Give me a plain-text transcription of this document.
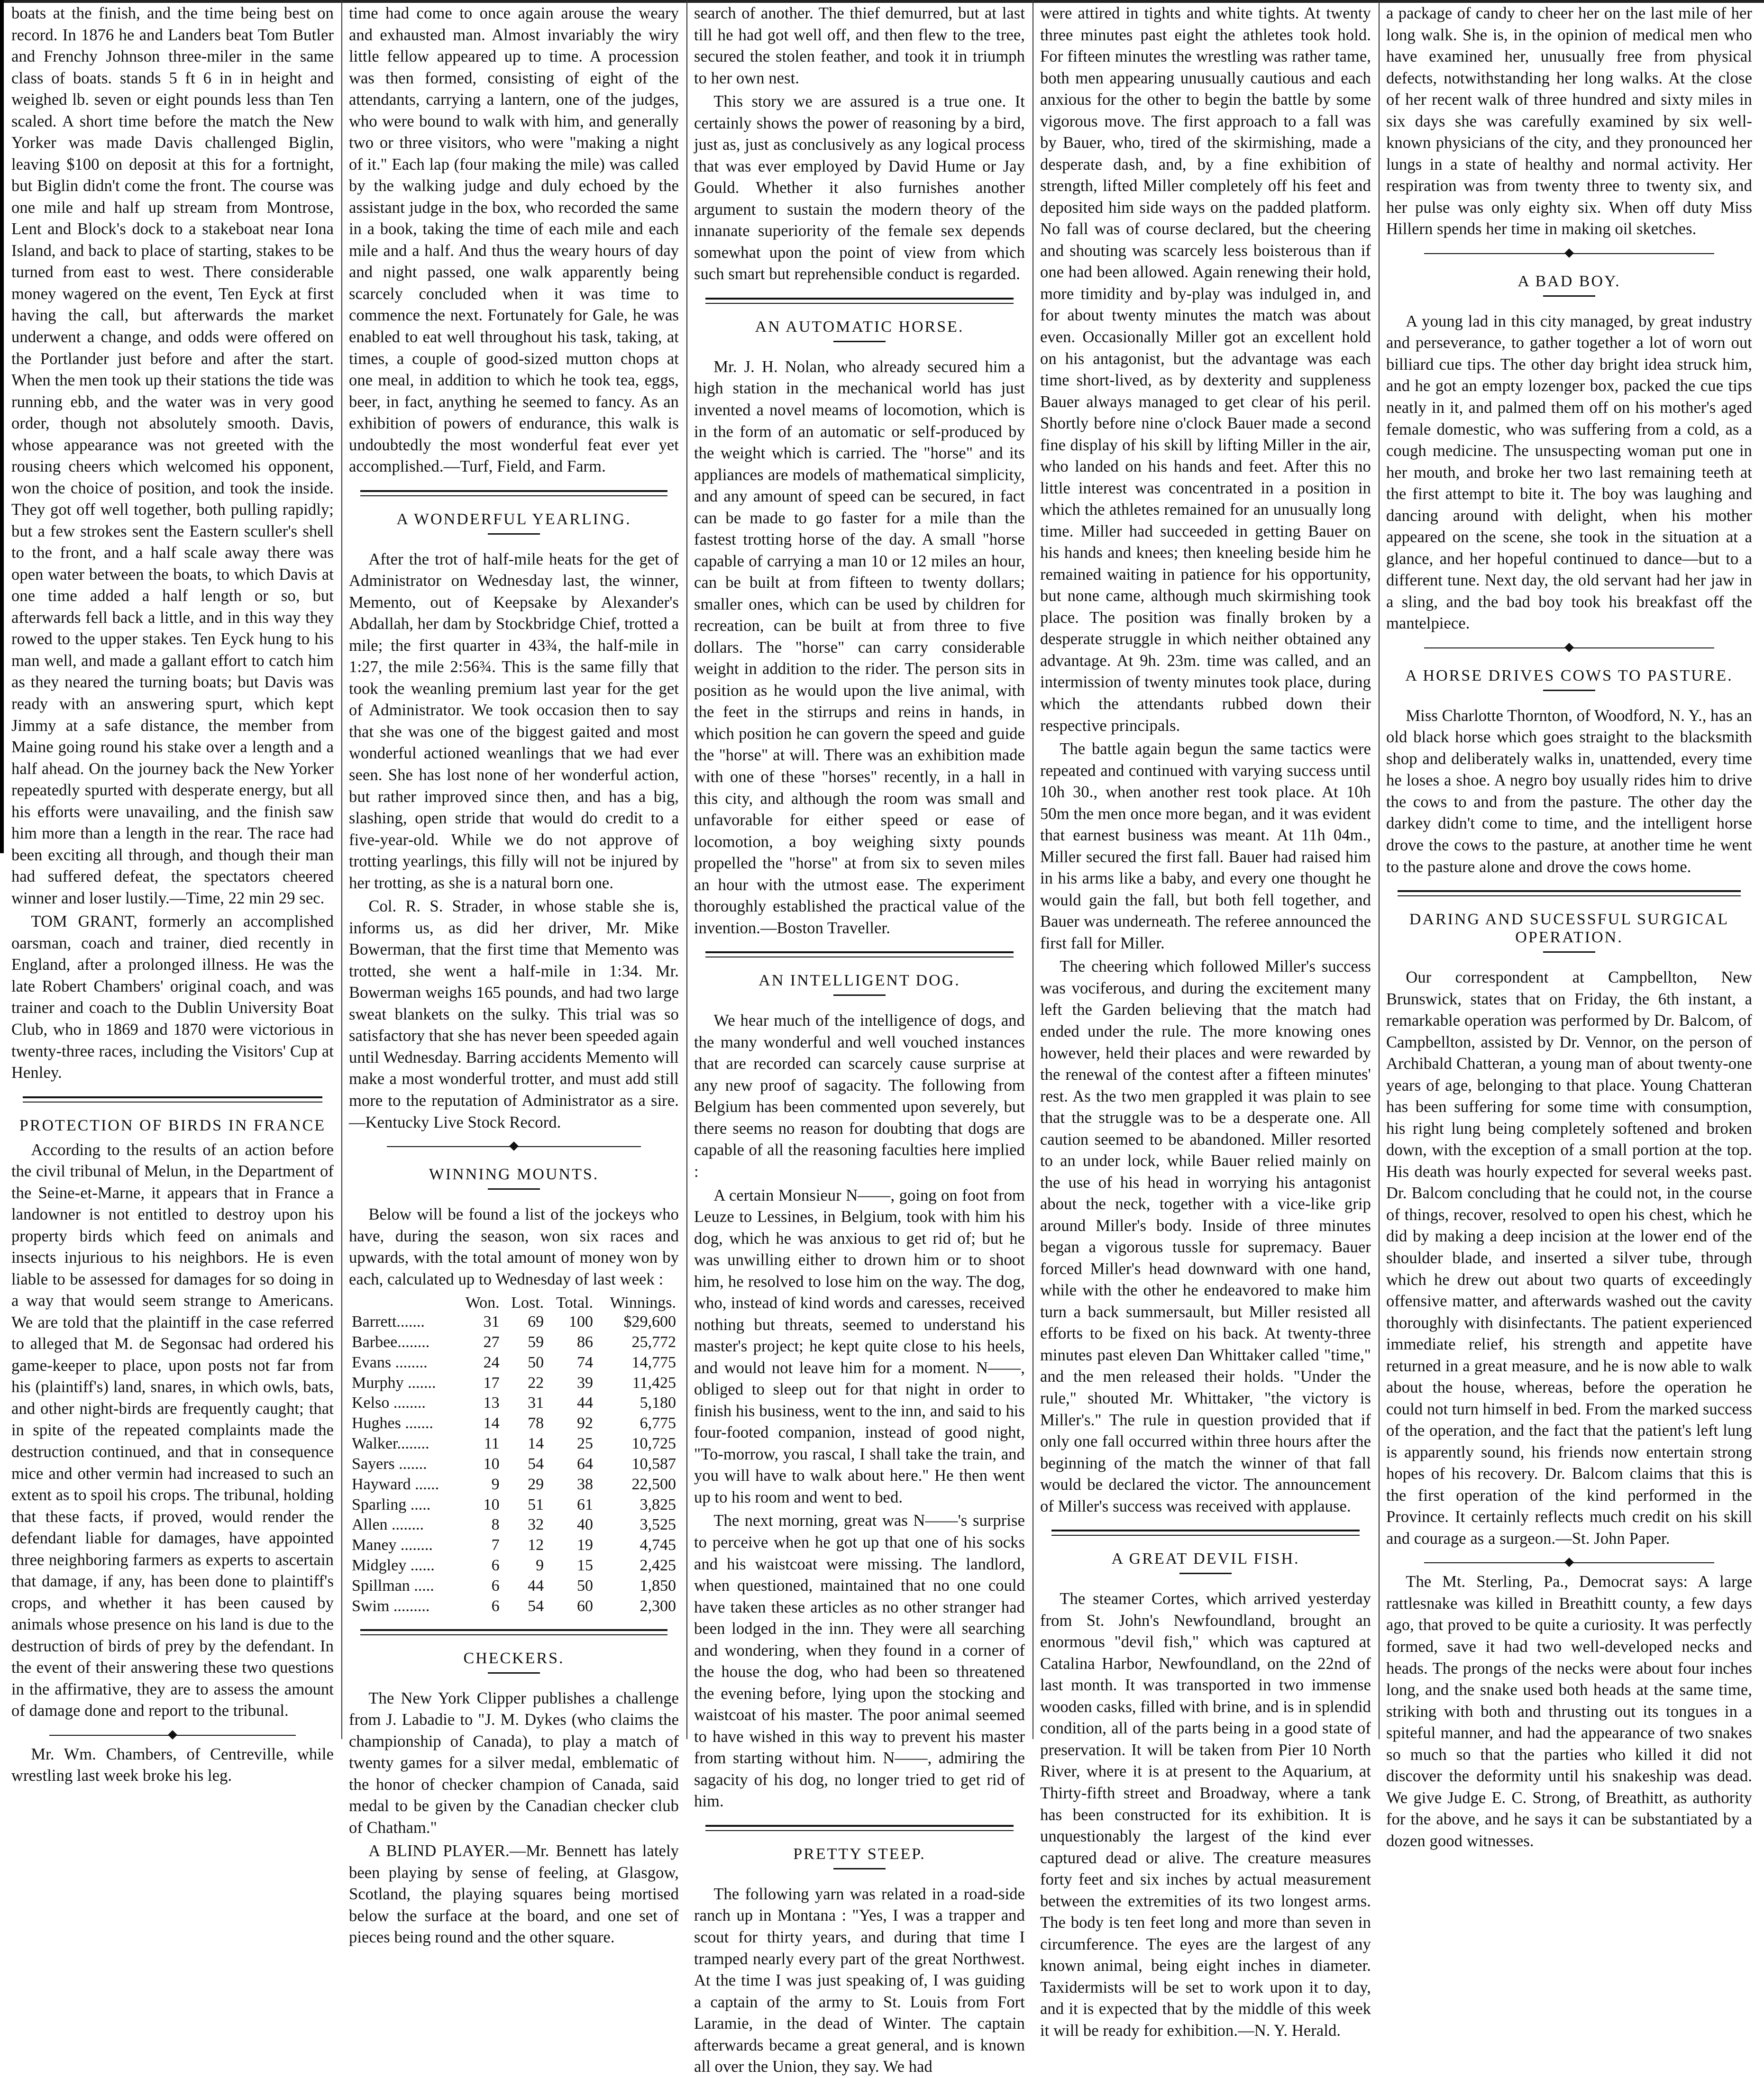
boats at the finish, and the time being best on record. In 1876 he and Landers beat Tom Butler and Frenchy Johnson three-miler in the same class of boats. stands 5 ft 6 in in height and weighed lb. seven or eight pounds less than Ten scaled. A short time before the match the New Yorker was made Davis challenged Biglin, leaving $100 on deposit at this for a fortnight, but Biglin didn't come the front. The course was one mile and half up stream from Montrose, Lent and Block's dock to a stakeboat near Iona Island, and back to place of starting, stakes to be turned from east to west. There considerable money wagered on the event, Ten Eyck at first having the call, but afterwards the market underwent a change, and odds were offered on the Portlander just before and after the start. When the men took up their stations the tide was running ebb, and the water was in very good order, though not absolutely smooth. Davis, whose appearance was not greeted with the rousing cheers which welcomed his opponent, won the choice of position, and took the inside. They got off well together, both pulling rapidly; but a few strokes sent the Eastern sculler's shell to the front, and a half scale away there was open water between the boats, to which Davis at one time added a half length or so, but afterwards fell back a little, and in this way they rowed to the upper stakes. Ten Eyck hung to his man well, and made a gallant effort to catch him as they neared the turning boats; but Davis was ready with an answering spurt, which kept Jimmy at a safe distance, the member from Maine going round his stake over a length and a half ahead. On the journey back the New Yorker repeatedly spurted with desperate energy, but all his efforts were unavailing, and the finish saw him more than a length in the rear. The race had been exciting all through, and though their man had suffered defeat, the spectators cheered winner and loser lustily.—Time, 22 min 29 sec.

TOM GRANT, formerly an accomplished oarsman, coach and trainer, died recently in England, after a prolonged illness. He was the late Robert Chambers' original coach, and was trainer and coach to the Dublin University Boat Club, who in 1869 and 1870 were victorious in twenty-three races, including the Visitors' Cup at Henley.

PROTECTION OF BIRDS IN FRANCE

According to the results of an action before the civil tribunal of Melun, in the Department of the Seine-et-Marne, it appears that in France a landowner is not entitled to destroy upon his property birds which feed on animals and insects injurious to his neighbors. He is even liable to be assessed for damages for so doing in a way that would seem strange to Americans. We are told that the plaintiff in the case referred to alleged that M. de Segonsac had ordered his game-keeper to place, upon posts not far from his (plaintiff's) land, snares, in which owls, bats, and other night-birds are frequently caught; that in spite of the repeated complaints made the destruction continued, and that in consequence mice and other vermin had increased to such an extent as to spoil his crops. The tribunal, holding that these facts, if proved, would render the defendant liable for damages, have appointed three neighboring farmers as experts to ascertain that damage, if any, has been done to plaintiff's crops, and whether it has been caused by animals whose presence on his land is due to the destruction of birds of prey by the defendant. In the event of their answering these two questions in the affirmative, they are to assess the amount of damage done and report to the tribunal.

Mr. Wm. Chambers, of Centreville, while wrestling last week broke his leg.

time had come to once again arouse the weary and exhausted man. Almost invariably the wiry little fellow appeared up to time. A procession was then formed, consisting of eight of the attendants, carrying a lantern, one of the judges, who were bound to walk with him, and generally two or three visitors, who were "making a night of it." Each lap (four making the mile) was called by the walking judge and duly echoed by the assistant judge in the box, who recorded the same in a book, taking the time of each mile and each mile and a half. And thus the weary hours of day and night passed, one walk apparently being scarcely concluded when it was time to commence the next. Fortunately for Gale, he was enabled to eat well throughout his task, taking, at times, a couple of good-sized mutton chops at one meal, in addition to which he took tea, eggs, beer, in fact, anything he seemed to fancy. As an exhibition of powers of endurance, this walk is undoubtedly the most wonderful feat ever yet accomplished.—Turf, Field, and Farm.

A WONDERFUL YEARLING.

After the trot of half-mile heats for the get of Administrator on Wednesday last, the winner, Memento, out of Keepsake by Alexander's Abdallah, her dam by Stockbridge Chief, trotted a mile; the first quarter in 43¾, the half-mile in 1:27, the mile 2:56¾. This is the same filly that took the weanling premium last year for the get of Administrator. We took occasion then to say that she was one of the biggest gaited and most wonderful actioned weanlings that we had ever seen. She has lost none of her wonderful action, but rather improved since then, and has a big, slashing, open stride that would do credit to a five-year-old. While we do not approve of trotting yearlings, this filly will not be injured by her trotting, as she is a natural born one.

Col. R. S. Strader, in whose stable she is, informs us, as did her driver, Mr. Mike Bowerman, that the first time that Memento was trotted, she went a half-mile in 1:34. Mr. Bowerman weighs 165 pounds, and had two large sweat blankets on the sulky. This trial was so satisfactory that she has never been speeded again until Wednesday. Barring accidents Memento will make a most wonderful trotter, and must add still more to the reputation of Administrator as a sire.—Kentucky Live Stock Record.

WINNING MOUNTS.

Below will be found a list of the jockeys who have, during the season, won six races and upwards, with the total amount of money won by each, calculated up to Wednesday of last week :

	Won.	Lost.	Total.	Winnings.
Barrett.......	31	69	100	$29,600
Barbee........	27	59	86	25,772
Evans ........	24	50	74	14,775
Murphy .......	17	22	39	11,425
Kelso ........	13	31	44	5,180
Hughes .......	14	78	92	6,775
Walker........	11	14	25	10,725
Sayers .......	10	54	64	10,587
Hayward ......	9	29	38	22,500
Sparling .....	10	51	61	3,825
Allen ........	8	32	40	3,525
Maney ........	7	12	19	4,745
Midgley ......	6	9	15	2,425
Spillman .....	6	44	50	1,850
Swim .........	6	54	60	2,300
CHECKERS.

The New York Clipper publishes a challenge from J. Labadie to "J. M. Dykes (who claims the championship of Canada), to play a match of twenty games for a silver medal, emblematic of the honor of checker champion of Canada, said medal to be given by the Canadian checker club of Chatham."

A BLIND PLAYER.—Mr. Bennett has lately been playing by sense of feeling, at Glasgow, Scotland, the playing squares being mortised below the surface at the board, and one set of pieces being round and the other square.

search of another. The thief demurred, but at last till he had got well off, and then flew to the tree, secured the stolen feather, and took it in triumph to her own nest.

This story we are assured is a true one. It certainly shows the power of reasoning by a bird, just as, just as conclusively as any logical process that was ever employed by David Hume or Jay Gould. Whether it also furnishes another argument to sustain the modern theory of the innanate superiority of the female sex depends somewhat upon the point of view from which such smart but reprehensible conduct is regarded.

AN AUTOMATIC HORSE.

Mr. J. H. Nolan, who already secured him a high station in the mechanical world has just invented a novel meams of locomotion, which is in the form of an automatic or self-produced by the weight which is carried. The "horse" and its appliances are models of mathematical simplicity, and any amount of speed can be secured, in fact can be made to go faster for a mile than the fastest trotting horse of the day. A small "horse capable of carrying a man 10 or 12 miles an hour, can be built at from fifteen to twenty dollars; smaller ones, which can be used by children for recreation, can be built at from three to five dollars. The "horse" can carry considerable weight in addition to the rider. The person sits in position as he would upon the live animal, with the feet in the stirrups and reins in hands, in which position he can govern the speed and guide the "horse" at will. There was an exhibition made with one of these "horses" recently, in a hall in this city, and although the room was small and unfavorable for either speed or ease of locomotion, a boy weighing sixty pounds propelled the "horse" at from six to seven miles an hour with the utmost ease. The experiment thoroughly established the practical value of the invention.—Boston Traveller.

AN INTELLIGENT DOG.

We hear much of the intelligence of dogs, and the many wonderful and well vouched instances that are recorded can scarcely cause surprise at any new proof of sagacity. The following from Belgium has been commented upon severely, but there seems no reason for doubting that dogs are capable of all the reasoning faculties here implied :

A certain Monsieur N——, going on foot from Leuze to Lessines, in Belgium, took with him his dog, which he was anxious to get rid of; but he was unwilling either to drown him or to shoot him, he resolved to lose him on the way. The dog, who, instead of kind words and caresses, received nothing but threats, seemed to understand his master's project; he kept quite close to his heels, and would not leave him for a moment. N——, obliged to sleep out for that night in order to finish his business, went to the inn, and said to his four-footed companion, instead of good night, "To-morrow, you rascal, I shall take the train, and you will have to walk about here." He then went up to his room and went to bed.

The next morning, great was N——'s surprise to perceive when he got up that one of his socks and his waistcoat were missing. The landlord, when questioned, maintained that no one could have taken these articles as no other stranger had been lodged in the inn. They were all searching and wondering, when they found in a corner of the house the dog, who had been so threatened the evening before, lying upon the stocking and waistcoat of his master. The poor animal seemed to have wished in this way to prevent his master from starting without him. N——, admiring the sagacity of his dog, no longer tried to get rid of him.

PRETTY STEEP.

The following yarn was related in a road-side ranch up in Montana : "Yes, I was a trapper and scout for thirty years, and during that time I tramped nearly every part of the great Northwest. At the time I was just speaking of, I was guiding a captain of the army to St. Louis from Fort Laramie, in the dead of Winter. The captain afterwards became a great general, and is known all over the Union, they say. We had

were attired in tights and white tights. At twenty three minutes past eight the athletes took hold. For fifteen minutes the wrestling was rather tame, both men appearing unusually cautious and each anxious for the other to begin the battle by some vigorous move. The first approach to a fall was by Bauer, who, tired of the skirmishing, made a desperate dash, and, by a fine exhibition of strength, lifted Miller completely off his feet and deposited him side ways on the padded platform. No fall was of course declared, but the cheering and shouting was scarcely less boisterous than if one had been allowed. Again renewing their hold, more timidity and by-play was indulged in, and for about twenty minutes the match was about even. Occasionally Miller got an excellent hold on his antagonist, but the advantage was each time short-lived, as by dexterity and suppleness Bauer always managed to get clear of his peril. Shortly before nine o'clock Bauer made a second fine display of his skill by lifting Miller in the air, who landed on his hands and feet. After this no little interest was concentrated in a position in which the athletes remained for an unusually long time. Miller had succeeded in getting Bauer on his hands and knees; then kneeling beside him he remained waiting in patience for his opportunity, but none came, although much skirmishing took place. The position was finally broken by a desperate struggle in which neither obtained any advantage. At 9h. 23m. time was called, and an intermission of twenty minutes took place, during which the attendants rubbed down their respective principals.

The battle again begun the same tactics were repeated and continued with varying success until 10h 30., when another rest took place. At 10h 50m the men once more began, and it was evident that earnest business was meant. At 11h 04m., Miller secured the first fall. Bauer had raised him in his arms like a baby, and every one thought he would gain the fall, but both fell together, and Bauer was underneath. The referee announced the first fall for Miller.

The cheering which followed Miller's success was vociferous, and during the excitement many left the Garden believing that the match had ended under the rule. The more knowing ones however, held their places and were rewarded by the renewal of the contest after a fifteen minutes' rest. As the two men grappled it was plain to see that the struggle was to be a desperate one. All caution seemed to be abandoned. Miller resorted to an under lock, while Bauer relied mainly on the use of his head in worrying his antagonist about the neck, together with a vice-like grip around Miller's body. Inside of three minutes began a vigorous tussle for supremacy. Bauer forced Miller's head downward with one hand, while with the other he endeavored to make him turn a back summersault, but Miller resisted all efforts to be fixed on his back. At twenty-three minutes past eleven Dan Whittaker called "time," and the men released their holds. "Under the rule," shouted Mr. Whittaker, "the victory is Miller's." The rule in question provided that if only one fall occurred within three hours after the beginning of the match the winner of that fall would be declared the victor. The announcement of Miller's success was received with applause.

A GREAT DEVIL FISH.

The steamer Cortes, which arrived yesterday from St. John's Newfoundland, brought an enormous "devil fish," which was captured at Catalina Harbor, Newfoundland, on the 22nd of last month. It was transported in two immense wooden casks, filled with brine, and is in splendid condition, all of the parts being in a good state of preservation. It will be taken from Pier 10 North River, where it is at present to the Aquarium, at Thirty-fifth street and Broadway, where a tank has been constructed for its exhibition. It is unquestionably the largest of the kind ever captured dead or alive. The creature measures forty feet and six inches by actual measurement between the extremities of its two longest arms. The body is ten feet long and more than seven in circumference. The eyes are the largest of any known animal, being eight inches in diameter. Taxidermists will be set to work upon it to day, and it is expected that by the middle of this week it will be ready for exhibition.—N. Y. Herald.

a package of candy to cheer her on the last mile of her long walk. She is, in the opinion of medical men who have examined her, unusually free from physical defects, notwithstanding her long walks. At the close of her recent walk of three hundred and sixty miles in six days she was carefully examined by six well-known physicians of the city, and they pronounced her lungs in a state of healthy and normal activity. Her respiration was from twenty three to twenty six, and her pulse was only eighty six. When off duty Miss Hillern spends her time in making oil sketches.

A BAD BOY.

A young lad in this city managed, by great industry and perseverance, to gather together a lot of worn out billiard cue tips. The other day bright idea struck him, and he got an empty lozenger box, packed the cue tips neatly in it, and palmed them off on his mother's aged female domestic, who was suffering from a cold, as a cough medicine. The unsuspecting woman put one in her mouth, and broke her two last remaining teeth at the first attempt to bite it. The boy was laughing and dancing around with delight, when his mother appeared on the scene, she took in the situation at a glance, and her hopeful continued to dance—but to a different tune. Next day, the old servant had her jaw in a sling, and the bad boy took his breakfast off the mantelpiece.

A HORSE DRIVES COWS TO PASTURE.

Miss Charlotte Thornton, of Woodford, N. Y., has an old black horse which goes straight to the blacksmith shop and deliberately walks in, unattended, every time he loses a shoe. A negro boy usually rides him to drive the cows to and from the pasture. The other day the darkey didn't come to time, and the intelligent horse drove the cows to the pasture, at another time he went to the pasture alone and drove the cows home.

DARING AND SUCESSFUL SURGICAL OPERATION.

Our correspondent at Campbellton, New Brunswick, states that on Friday, the 6th instant, a remarkable operation was performed by Dr. Balcom, of Campbellton, assisted by Dr. Vennor, on the person of Archibald Chatteran, a young man of about twenty-one years of age, belonging to that place. Young Chatteran has been suffering for some time with consumption, his right lung being completely softened and broken down, with the exception of a small portion at the top. His death was hourly expected for several weeks past. Dr. Balcom concluding that he could not, in the course of things, recover, resolved to open his chest, which he did by making a deep incision at the lower end of the shoulder blade, and inserted a silver tube, through which he drew out about two quarts of exceedingly offensive matter, and afterwards washed out the cavity thoroughly with disinfectants. The patient experienced immediate relief, his strength and appetite have returned in a great measure, and he is now able to walk about the house, whereas, before the operation he could not turn himself in bed. From the marked success of the operation, and the fact that the patient's left lung is apparently sound, his friends now entertain strong hopes of his recovery. Dr. Balcom claims that this is the first operation of the kind performed in the Province. It certainly reflects much credit on his skill and courage as a surgeon.—St. John Paper.

The Mt. Sterling, Pa., Democrat says: A large rattlesnake was killed in Breathitt county, a few days ago, that proved to be quite a curiosity. It was perfectly formed, save it had two well-developed necks and heads. The prongs of the necks were about four inches long, and the snake used both heads at the same time, striking with both and thrusting out its tongues in a spiteful manner, and had the appearance of two snakes so much so that the parties who killed it did not discover the deformity until his snakeship was dead. We give Judge E. C. Strong, of Breathitt, as authority for the above, and he says it can be substantiated by a dozen good witnesses.
